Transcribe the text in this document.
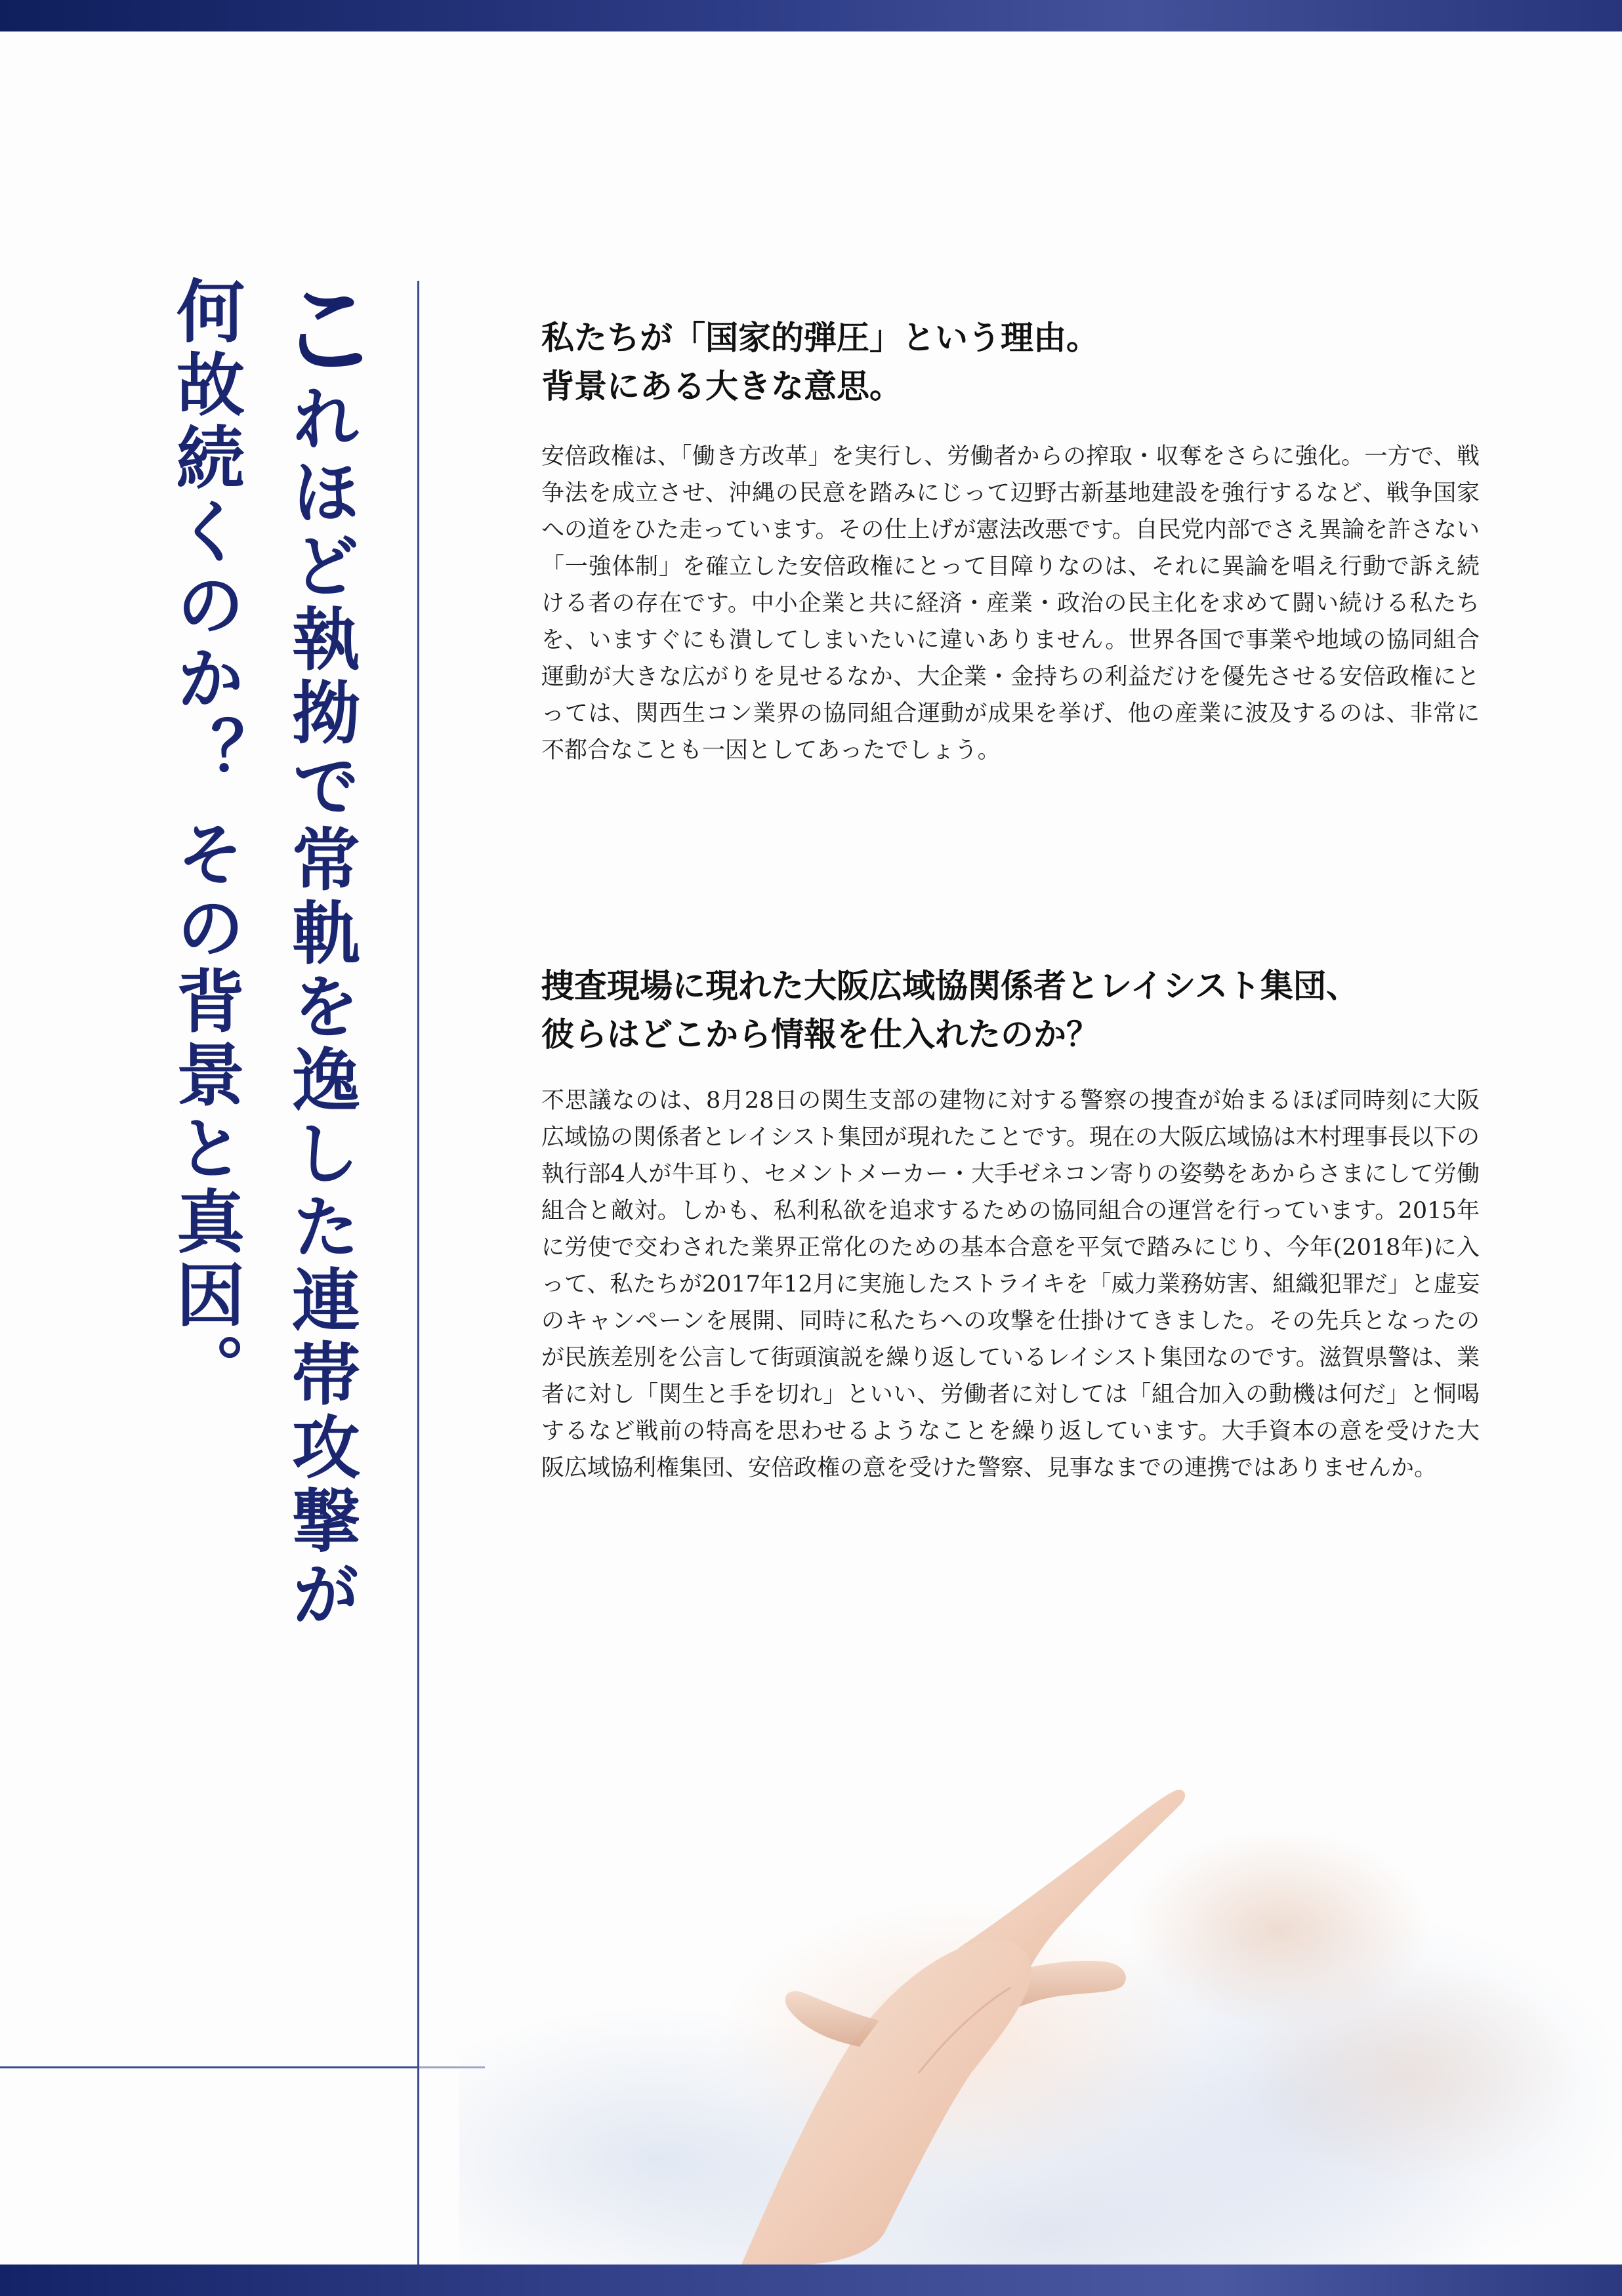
これほど執拗で常軌を逸した連帯攻撃が
何故続くのか？ その背景と真因。	私たちが「国家的弾圧」という理由。
背景にある大きな意思。

安倍政権は、「働き方改革」を実行し、労働者からの搾取・収奪をさらに強化。一方で、戦争法を成立させ、沖縄の民意を踏みにじって辺野古新基地建設を強行するなど、戦争国家への道をひた走っています。その仕上げが憲法改悪です。自民党内部でさえ異論を許さない「一強体制」を確立した安倍政権にとって目障りなのは、それに異論を唱え行動で訴え続ける者の存在です。中小企業と共に経済・産業・政治の民主化を求めて闘い続ける私たちを、いますぐにも潰してしまいたいに違いありません。世界各国で事業や地域の協同組合運動が大きな広がりを見せるなか、大企業・金持ちの利益だけを優先させる安倍政権にとっては、関西生コン業界の協同組合運動が成果を挙げ、他の産業に波及するのは、非常に不都合なことも一因としてあったでしょう。

捜査現場に現れた大阪広域協関係者とレイシスト集団、
彼らはどこから情報を仕入れたのか？

不思議なのは、8月28日の関生支部の建物に対する警察の捜査が始まるほぼ同時刻に大阪広域協の関係者とレイシスト集団が現れたことです。現在の大阪広域協は木村理事長以下の執行部4人が牛耳り、セメントメーカー・大手ゼネコン寄りの姿勢をあからさまにして労働組合と敵対。しかも、私利私欲を追求するための協同組合の運営を行っています。2015年に労使で交わされた業界正常化のための基本合意を平気で踏みにじり、今年(2018年)に入って、私たちが2017年12月に実施したストライキを「威力業務妨害、組織犯罪だ」と虚妄のキャンペーンを展開、同時に私たちへの攻撃を仕掛けてきました。その先兵となったのが民族差別を公言して街頭演説を繰り返しているレイシスト集団なのです。滋賀県警は、業者に対し「関生と手を切れ」といい、労働者に対しては「組合加入の動機は何だ」と恫喝するなど戦前の特高を思わせるようなことを繰り返しています。大手資本の意を受けた大阪広域協利権集団、安倍政権の意を受けた警察、見事なまでの連携ではありませんか。
